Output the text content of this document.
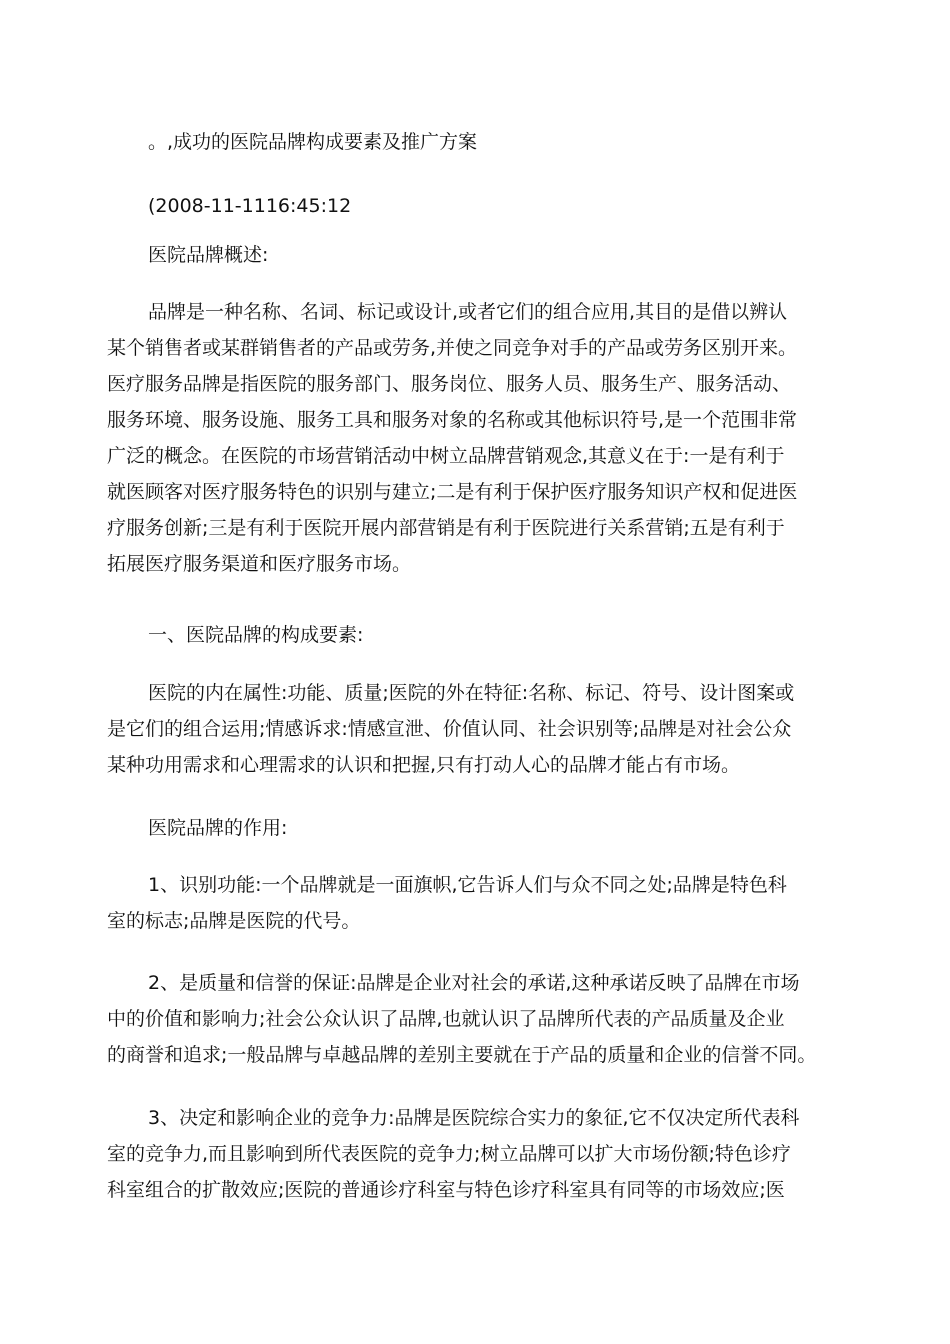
。,成功的医院品牌构成要素及推广方案
(2008-11-1116:45:12
医院品牌概述:
品牌是一种名称、名词、标记或设计,或者它们的组合应用,其目的是借以辨认
某个销售者或某群销售者的产品或劳务,并使之同竞争对手的产品或劳务区别开来。
医疗服务品牌是指医院的服务部门、服务岗位、服务人员、服务生产、服务活动、
服务环境、服务设施、服务工具和服务对象的名称或其他标识符号,是一个范围非常
广泛的概念。在医院的市场营销活动中树立品牌营销观念,其意义在于:一是有利于
就医顾客对医疗服务特色的识别与建立;二是有利于保护医疗服务知识产权和促进医
疗服务创新;三是有利于医院开展内部营销是有利于医院进行关系营销;五是有利于
拓展医疗服务渠道和医疗服务市场。
一、医院品牌的构成要素:
医院的内在属性:功能、质量;医院的外在特征:名称、标记、符号、设计图案或
是它们的组合运用;情感诉求:情感宣泄、价值认同、社会识别等;品牌是对社会公众
某种功用需求和心理需求的认识和把握,只有打动人心的品牌才能占有市场。
医院品牌的作用:
1、识别功能:一个品牌就是一面旗帜,它告诉人们与众不同之处;品牌是特色科
室的标志;品牌是医院的代号。
2、是质量和信誉的保证:品牌是企业对社会的承诺,这种承诺反映了品牌在市场
中的价值和影响力;社会公众认识了品牌,也就认识了品牌所代表的产品质量及企业
的商誉和追求;一般品牌与卓越品牌的差别主要就在于产品的质量和企业的信誉不同。
3、决定和影响企业的竞争力:品牌是医院综合实力的象征,它不仅决定所代表科
室的竞争力,而且影响到所代表医院的竞争力;树立品牌可以扩大市场份额;特色诊疗
科室组合的扩散效应;医院的普通诊疗科室与特色诊疗科室具有同等的市场效应;医
